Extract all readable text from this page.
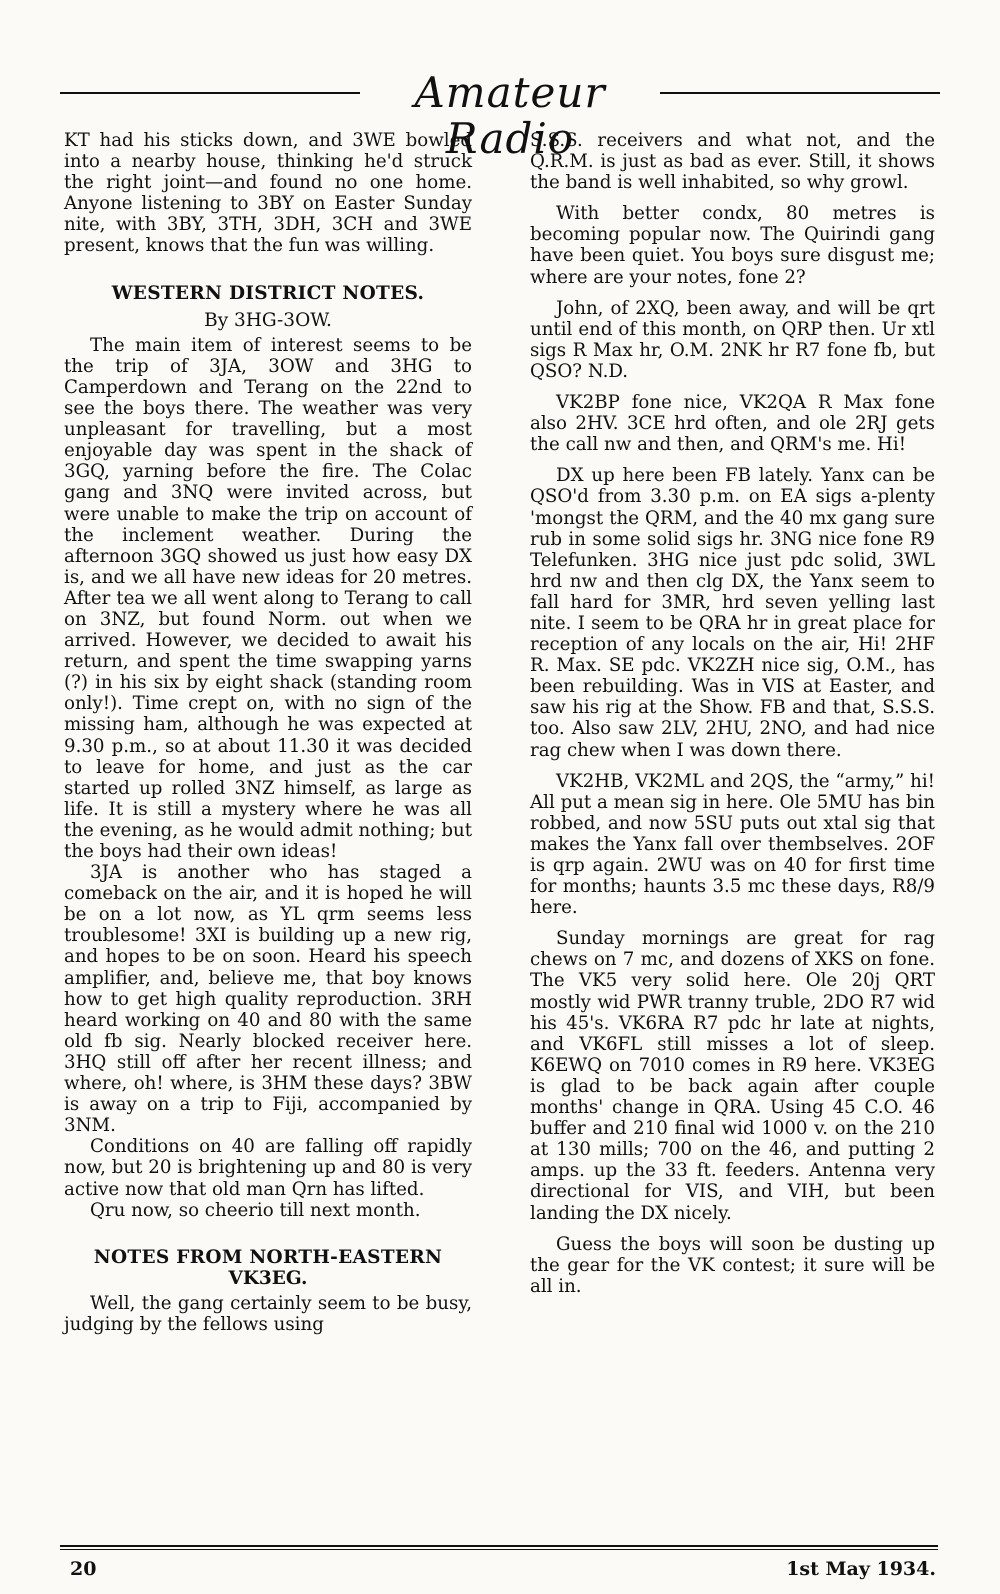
Amateur Radio

KT had his sticks down, and 3WE bowled into a nearby house, thinking he'd struck the right joint—and found no one home. Anyone listening to 3BY on Easter Sunday nite, with 3BY, 3TH, 3DH, 3CH and 3WE present, knows that the fun was willing.

WESTERN DISTRICT NOTES.
By 3HG-3OW.

The main item of interest seems to be the trip of 3JA, 3OW and 3HG to Camperdown and Terang on the 22nd to see the boys there. The weather was very unpleasant for travelling, but a most enjoyable day was spent in the shack of 3GQ, yarning before the fire. The Colac gang and 3NQ were invited across, but were unable to make the trip on account of the inclement weather. During the afternoon 3GQ showed us just how easy DX is, and we all have new ideas for 20 metres. After tea we all went along to Terang to call on 3NZ, but found Norm. out when we arrived. However, we decided to await his return, and spent the time swapping yarns (?) in his six by eight shack (standing room only!). Time crept on, with no sign of the missing ham, although he was expected at 9.30 p.m., so at about 11.30 it was decided to leave for home, and just as the car started up rolled 3NZ himself, as large as life. It is still a mystery where he was all the evening, as he would admit nothing; but the boys had their own ideas!

3JA is another who has staged a comeback on the air, and it is hoped he will be on a lot now, as YL qrm seems less troublesome! 3XI is building up a new rig, and hopes to be on soon. Heard his speech amplifier, and, believe me, that boy knows how to get high quality reproduction. 3RH heard working on 40 and 80 with the same old fb sig. Nearly blocked receiver here. 3HQ still off after her recent illness; and where, oh! where, is 3HM these days? 3BW is away on a trip to Fiji, accompanied by 3NM.

Conditions on 40 are falling off rapidly now, but 20 is brightening up and 80 is very active now that old man Qrn has lifted.

Qru now, so cheerio till next month.

NOTES FROM NORTH-EASTERN
VK3EG.

Well, the gang certainly seem to be busy, judging by the fellows using

S.S.S. receivers and what not, and the Q.R.M. is just as bad as ever. Still, it shows the band is well inhabited, so why growl.

With better condx, 80 metres is becoming popular now. The Quirindi gang have been quiet. You boys sure disgust me; where are your notes, fone 2?

John, of 2XQ, been away, and will be qrt until end of this month, on QRP then. Ur xtl sigs R Max hr, O.M. 2NK hr R7 fone fb, but QSO? N.D.

VK2BP fone nice, VK2QA R Max fone also 2HV. 3CE hrd often, and ole 2RJ gets the call nw and then, and QRM's me. Hi!

DX up here been FB lately. Yanx can be QSO'd from 3.30 p.m. on EA sigs a-plenty 'mongst the QRM, and the 40 mx gang sure rub in some solid sigs hr. 3NG nice fone R9 Telefunken. 3HG nice just pdc solid, 3WL hrd nw and then clg DX, the Yanx seem to fall hard for 3MR, hrd seven yelling last nite. I seem to be QRA hr in great place for reception of any locals on the air, Hi! 2HF R. Max. SE pdc. VK2ZH nice sig, O.M., has been rebuilding. Was in VIS at Easter, and saw his rig at the Show. FB and that, S.S.S. too. Also saw 2LV, 2HU, 2NO, and had nice rag chew when I was down there.

VK2HB, VK2ML and 2QS, the “army,” hi! All put a mean sig in here. Ole 5MU has bin robbed, and now 5SU puts out xtal sig that makes the Yanx fall over thembselves. 2OF is qrp again. 2WU was on 40 for first time for months; haunts 3.5 mc these days, R8/9 here.

Sunday mornings are great for rag chews on 7 mc, and dozens of XKS on fone. The VK5 very solid here. Ole 20j QRT mostly wid PWR tranny truble, 2DO R7 wid his 45's. VK6RA R7 pdc hr late at nights, and VK6FL still misses a lot of sleep. K6EWQ on 7010 comes in R9 here. VK3EG is glad to be back again after couple months' change in QRA. Using 45 C.O. 46 buffer and 210 final wid 1000 v. on the 210 at 130 mills; 700 on the 46, and putting 2 amps. up the 33 ft. feeders. Antenna very directional for VIS, and VIH, but been landing the DX nicely.

Guess the boys will soon be dusting up the gear for the VK contest; it sure will be all in.

20	1st May 1934.
